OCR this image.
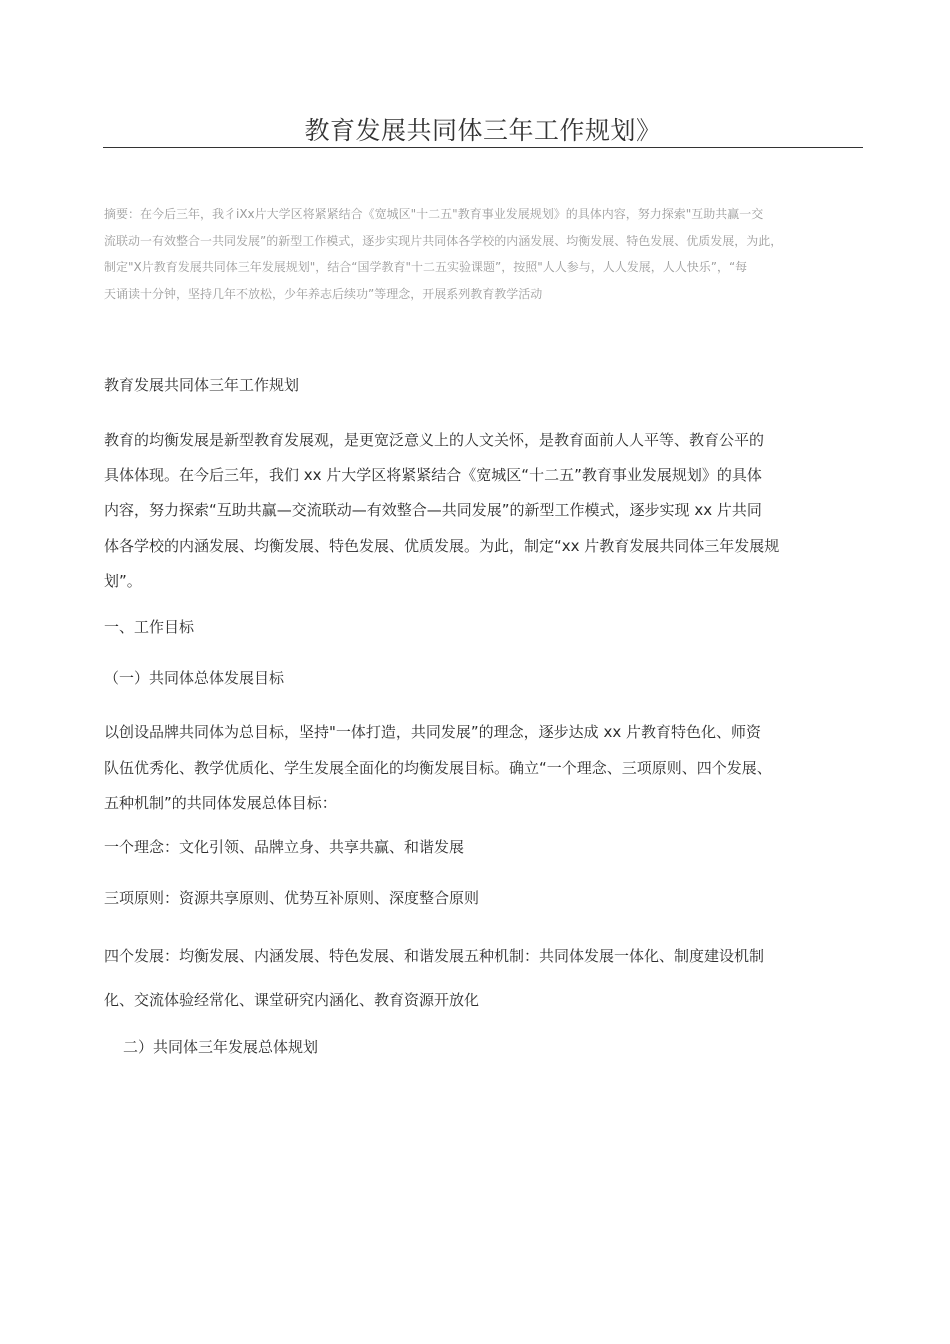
教育发展共同体三年工作规划》
摘要：在今后三年，我彳iXx片大学区将紧紧结合《宽城区"十二五"教育事业发展规划》的具体内容，努力探索"互助共赢一交
流联动一有效整合一共同发展”的新型工作模式，逐步实现片共同体各学校的内涵发展、均衡发展、特色发展、优质发展，为此，
制定"X片教育发展共同体三年发展规划"，结合“国学教育"十二五实验课题”，按照"人人参与，人人发展，人人快乐”，“每
天诵读十分钟，坚持几年不放松，少年养志后续功”等理念，开展系列教育教学活动
教育发展共同体三年工作规划
教育的均衡发展是新型教育发展观，是更宽泛意义上的人文关怀，是教育面前人人平等、教育公平的
具体体现。在今后三年，我们 xx 片大学区将紧紧结合《宽城区“十二五”教育事业发展规划》的具体
内容，努力探索“互助共赢—交流联动—有效整合—共同发展”的新型工作模式，逐步实现 xx 片共同
体各学校的内涵发展、均衡发展、特色发展、优质发展。为此，制定“xx 片教育发展共同体三年发展规
划”。
一、工作目标
（一）共同体总体发展目标
以创设品牌共同体为总目标，坚持"一体打造，共同发展”的理念，逐步达成 xx 片教育特色化、师资
队伍优秀化、教学优质化、学生发展全面化的均衡发展目标。确立“一个理念、三项原则、四个发展、
五种机制”的共同体发展总体目标：
一个理念：文化引领、品牌立身、共享共赢、和谐发展
三项原则：资源共享原则、优势互补原则、深度整合原则
四个发展：均衡发展、内涵发展、特色发展、和谐发展五种机制：共同体发展一体化、制度建设机制
化、交流体验经常化、课堂研究内涵化、教育资源开放化
二）共同体三年发展总体规划
